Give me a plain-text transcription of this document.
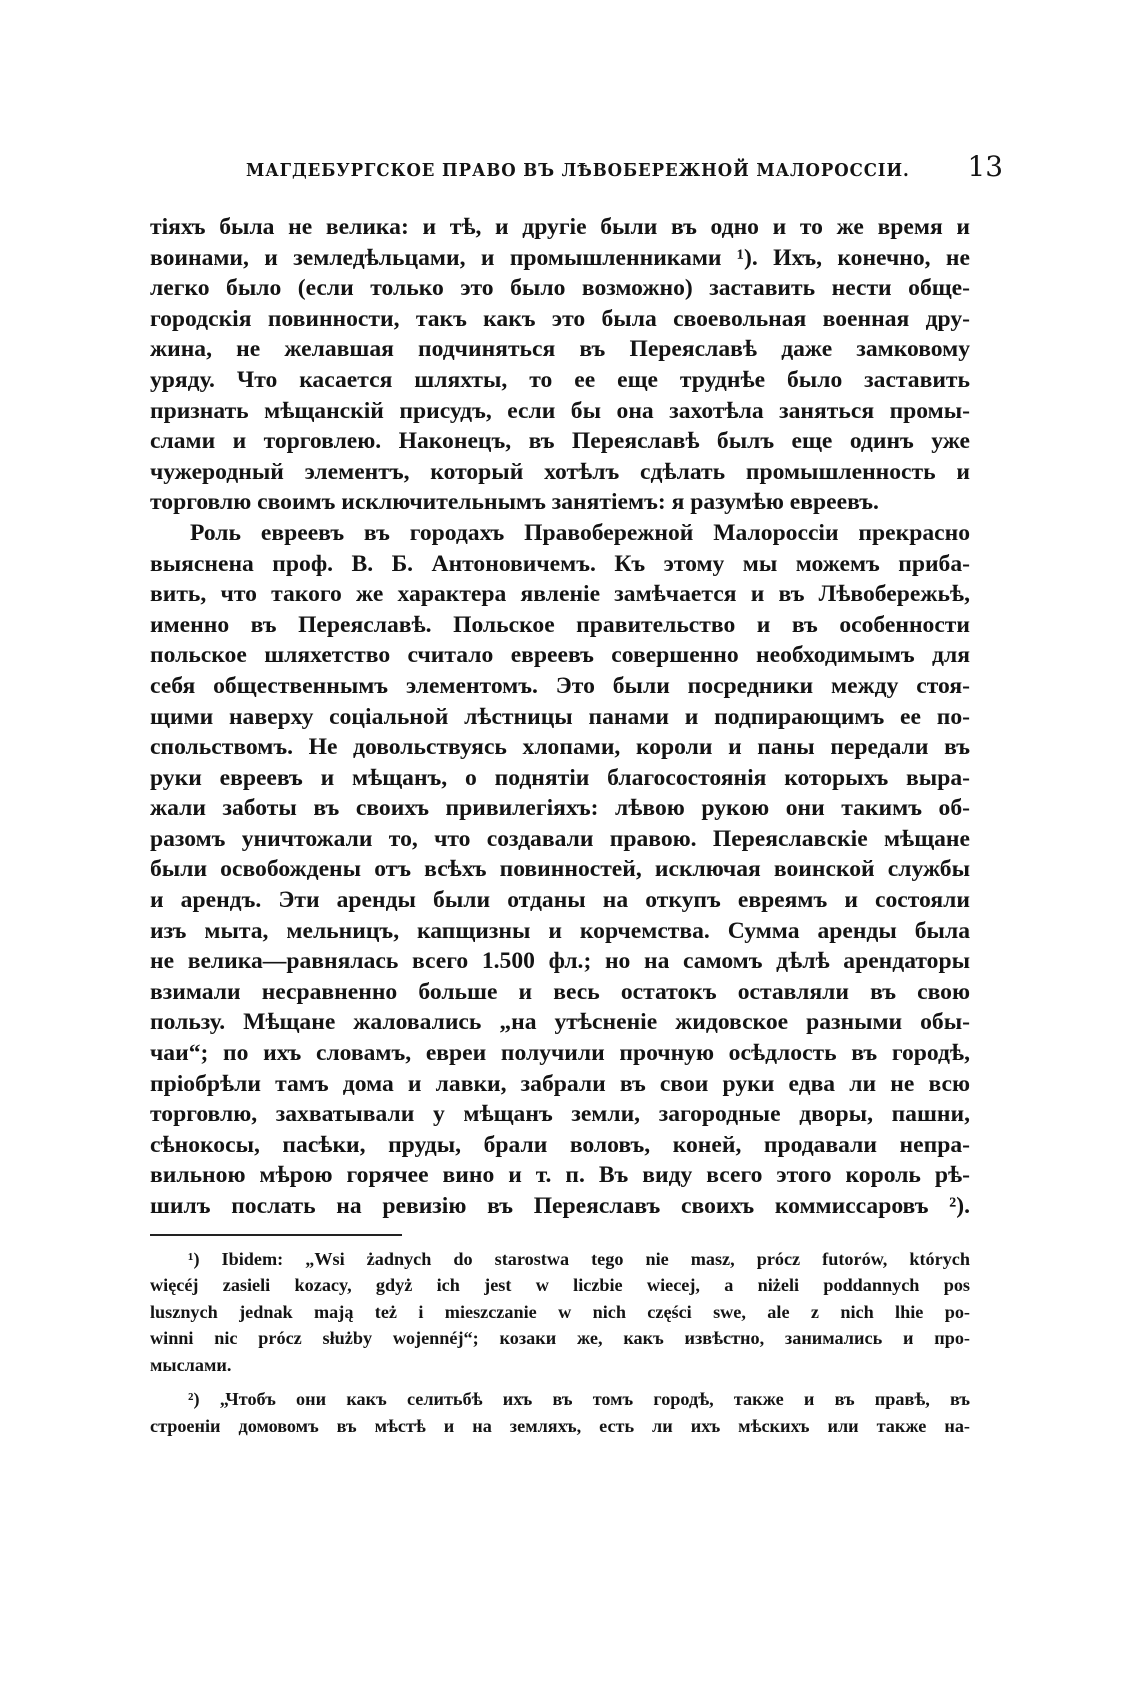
МАГДЕБУРГСКОЕ ПРАВО ВЪ ЛѢВОБЕРЕЖНОЙ МАЛОРОССІИ. 13
тіяхъ была не велика: и тѣ, и другіе были въ одно и то же время и
воинами, и земледѣльцами, и промышленниками ¹). Ихъ, конечно, не
легко было (если только это было возможно) заставить нести обще-
городскія повинности, такъ какъ это была своевольная военная дру-
жина, не желавшая подчиняться въ Переяславѣ даже замковому
уряду. Что касается шляхты, то ее еще труднѣе было заставить
признать мѣщанскій присудъ, если бы она захотѣла заняться промы-
слами и торговлею. Наконецъ, въ Переяславѣ былъ еще одинъ уже
чужеродный элементъ, который хотѣлъ сдѣлать промышленность и
торговлю своимъ исключительнымъ занятіемъ: я разумѣю евреевъ.
Роль евреевъ въ городахъ Правобережной Малороссіи прекрасно
выяснена проф. В. Б. Антоновичемъ. Къ этому мы можемъ приба-
вить, что такого же характера явленіе замѣчается и въ Лѣвобережьѣ,
именно въ Переяславѣ. Польское правительство и въ особенности
польское шляхетство считало евреевъ совершенно необходимымъ для
себя общественнымъ элементомъ. Это были посредники между стоя-
щими наверху соціальной лѣстницы панами и подпирающимъ ее по-
спольствомъ. Не довольствуясь хлопами, короли и паны передали въ
руки евреевъ и мѣщанъ, о поднятіи благосостоянія которыхъ выра-
жали заботы въ своихъ привилегіяхъ: лѣвою рукою они такимъ об-
разомъ уничтожали то, что создавали правою. Переяславскіе мѣщане
были освобождены отъ всѣхъ повинностей, исключая воинской службы
и арендъ. Эти аренды были отданы на откупъ евреямъ и состояли
изъ мыта, мельницъ, капщизны и корчемства. Сумма аренды была
не велика—равнялась всего 1.500 фл.; но на самомъ дѣлѣ арендаторы
взимали несравненно больше и весь остатокъ оставляли въ свою
пользу. Мѣщане жаловались „на утѣсненіе жидовское разными обы-
чаи“; по ихъ словамъ, евреи получили прочную осѣдлость въ городѣ,
пріобрѣли тамъ дома и лавки, забрали въ свои руки едва ли не всю
торговлю, захватывали у мѣщанъ земли, загородные дворы, пашни,
сѣнокосы, пасѣки, пруды, брали воловъ, коней, продавали непра-
вильною мѣрою горячее вино и т. п. Въ виду всего этого король рѣ-
шилъ послать на ревизію въ Переяславъ своихъ коммиссаровъ ²).
¹) Ibidem: „Wsi żadnych do starostwa tego nie masz, prócz futorów, których
więcéj zasieli kozacy, gdyż ich jest w liczbie wiecej, a niżeli poddannych pos
lusznych jednak mają też i mieszczanie w nich części swe, ale z nich lhie po-
winni nic prócz służby wojennéj“; козаки же, какъ извѣстно, занимались и про-
мыслами.
²) „Чтобъ они какъ селитьбѣ ихъ въ томъ городѣ, также и въ правѣ, въ
строеніи домовомъ въ мѣстѣ и на земляхъ, есть ли ихъ мѣскихъ или также на-
